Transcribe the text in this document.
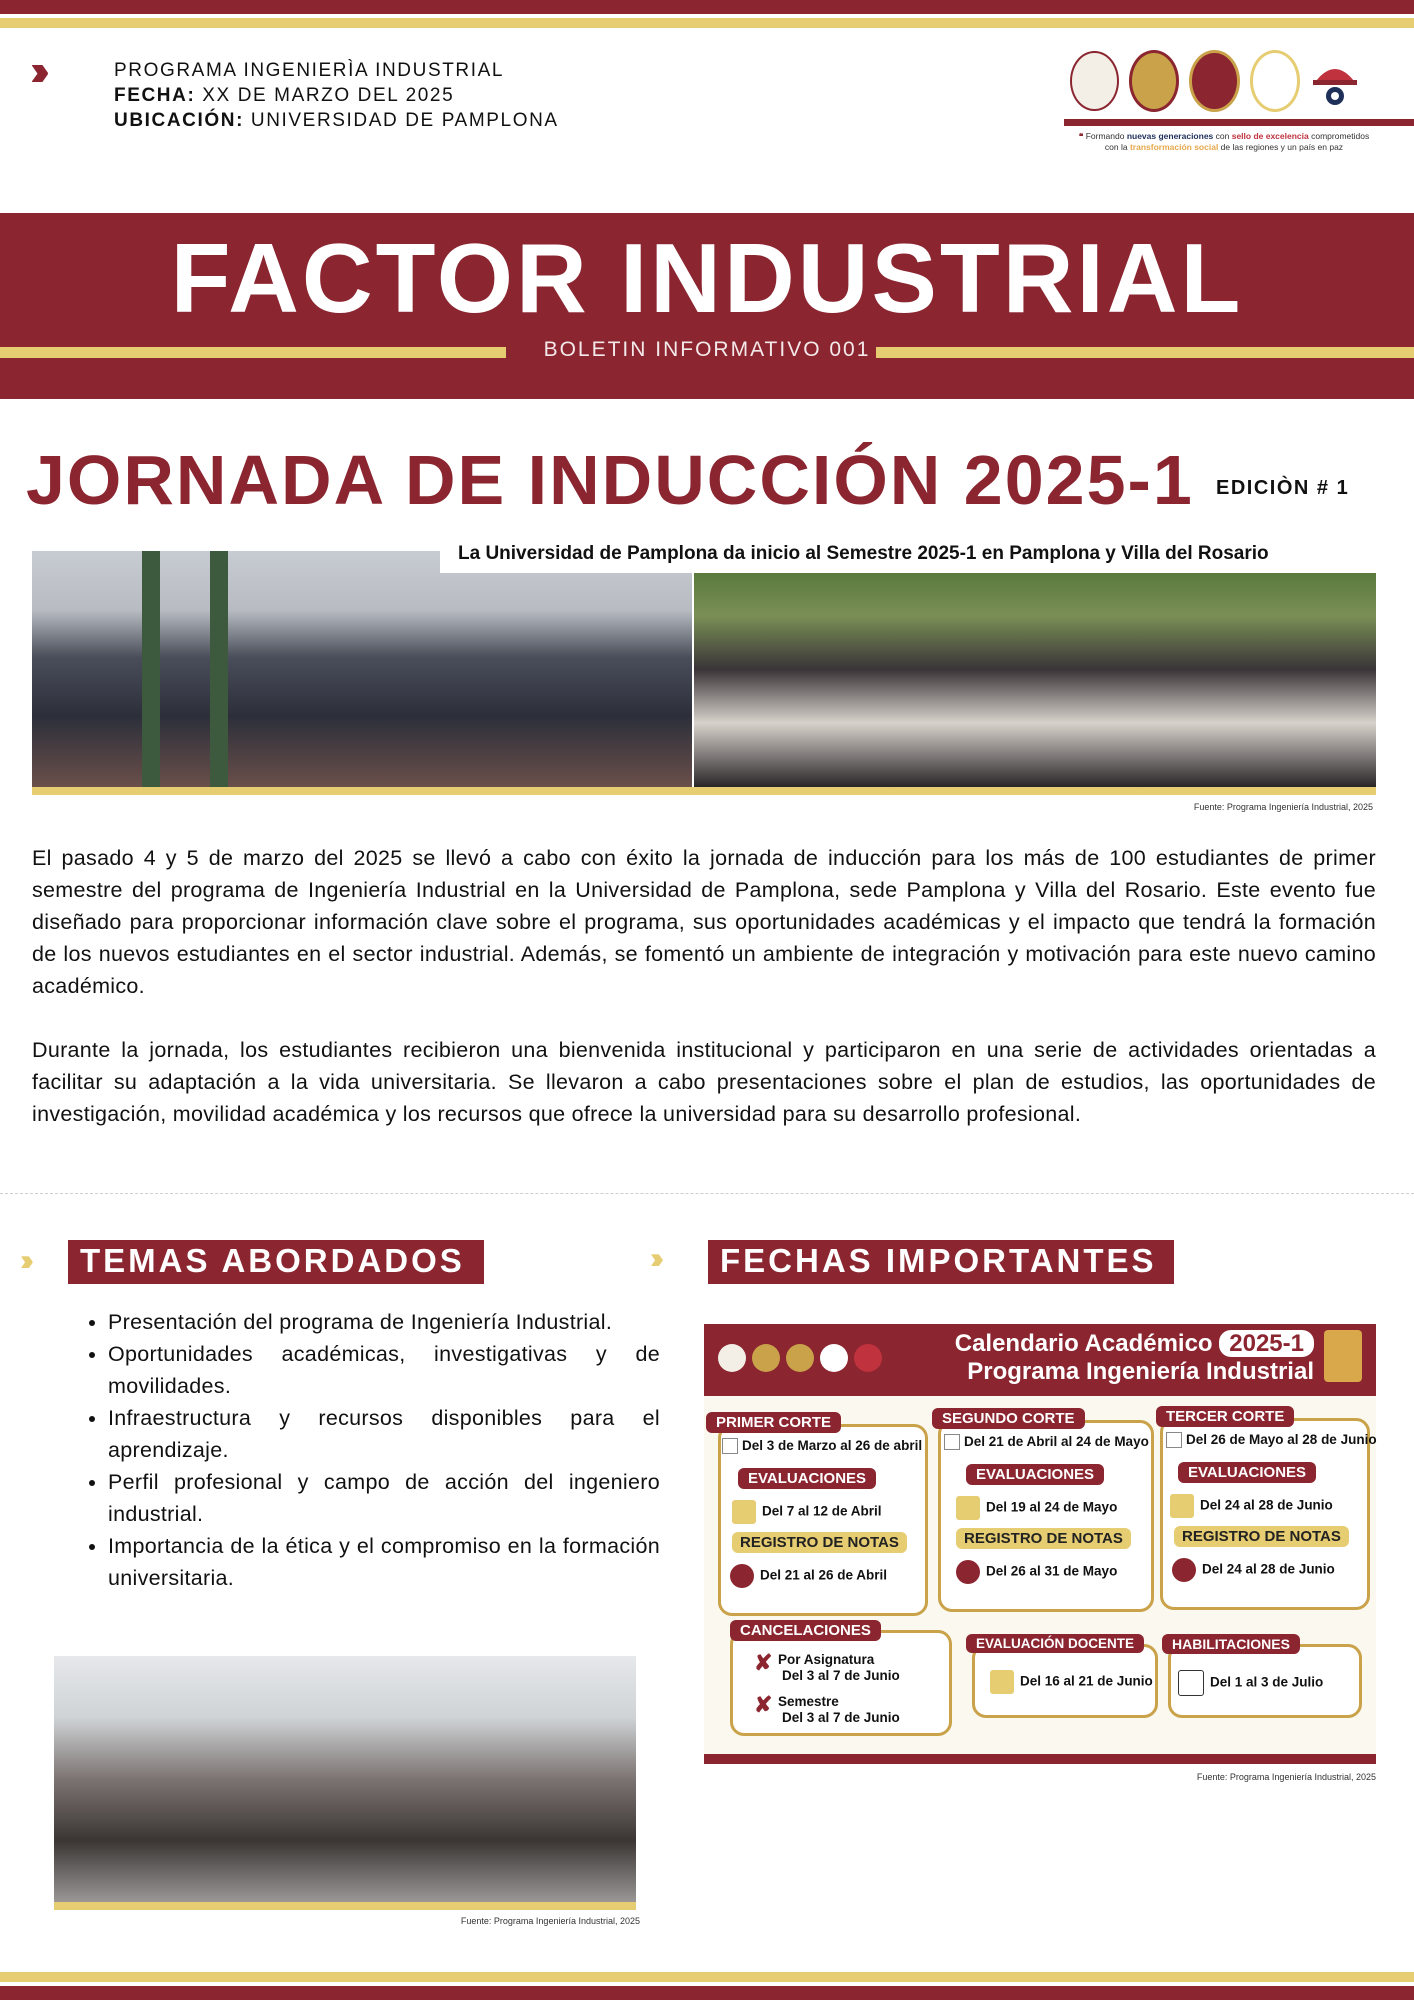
›››	PROGRAMA INGENIERÌA INDUSTRIAL
FECHA: XX DE MARZO DEL 2025
UBICACIÓN: UNIVERSIDAD DE PAMPLONA
❝ Formando nuevas generaciones con sello de excelencia comprometidos
con la transformación social de las regiones y un país en paz
FACTOR INDUSTRIAL
BOLETIN INFORMATIVO 001
JORNADA DE INDUCCIÓN 2025-1 EDICIÒN # 1
La Universidad de Pamplona da inicio al Semestre 2025-1 en Pamplona y Villa del Rosario
Fuente: Programa Ingeniería Industrial, 2025
El pasado 4 y 5 de marzo del 2025 se llevó a cabo con éxito la jornada de inducción para los más de 100 estudiantes de primer semestre del programa de Ingeniería Industrial en la Universidad de Pamplona, sede Pamplona y Villa del Rosario. Este evento fue diseñado para proporcionar información clave sobre el programa, sus oportunidades académicas y el impacto que tendrá la formación de los nuevos estudiantes en el sector industrial. Además, se fomentó un ambiente de integración y motivación para este nuevo camino académico.
Durante la jornada, los estudiantes recibieron una bienvenida institucional y participaron en una serie de actividades orientadas a facilitar su adaptación a la vida universitaria. Se llevaron a cabo presentaciones sobre el plan de estudios, las oportunidades de investigación, movilidad académica y los recursos que ofrece la universidad para su desarrollo profesional.
›››	TEMAS ABORDADOS
• Presentación del programa de Ingeniería Industrial.
• Oportunidades académicas, investigativas y de movilidades.
• Infraestructura y recursos disponibles para el aprendizaje.
• Perfil profesional y campo de acción del ingeniero industrial.
• Importancia de la ética y el compromiso en la formación universitaria.
Fuente: Programa Ingeniería Industrial, 2025
›››	FECHAS IMPORTANTES
Calendario Académico 2025-1
Programa Ingeniería Industrial
PRIMER CORTE
Del 3 de Marzo al 26 de abril
EVALUACIONES
Del 7 al 12 de Abril
REGISTRO DE NOTAS
Del 21 al 26 de Abril
SEGUNDO CORTE
Del 21 de Abril al 24 de Mayo
EVALUACIONES
Del 19 al 24 de Mayo
REGISTRO DE NOTAS
Del 26 al 31 de Mayo
TERCER CORTE
Del 26 de Mayo al 28 de Junio
EVALUACIONES
Del 24 al 28 de Junio
REGISTRO DE NOTAS
Del 24 al 28 de Junio
CANCELACIONES
✘ Por Asignatura
Del 3 al 7 de Junio
✘ Semestre
Del 3 al 7 de Junio
EVALUACIÓN DOCENTE
Del 16 al 21 de Junio
HABILITACIONES
Del 1 al 3 de Julio
Fuente: Programa Ingeniería Industrial, 2025
